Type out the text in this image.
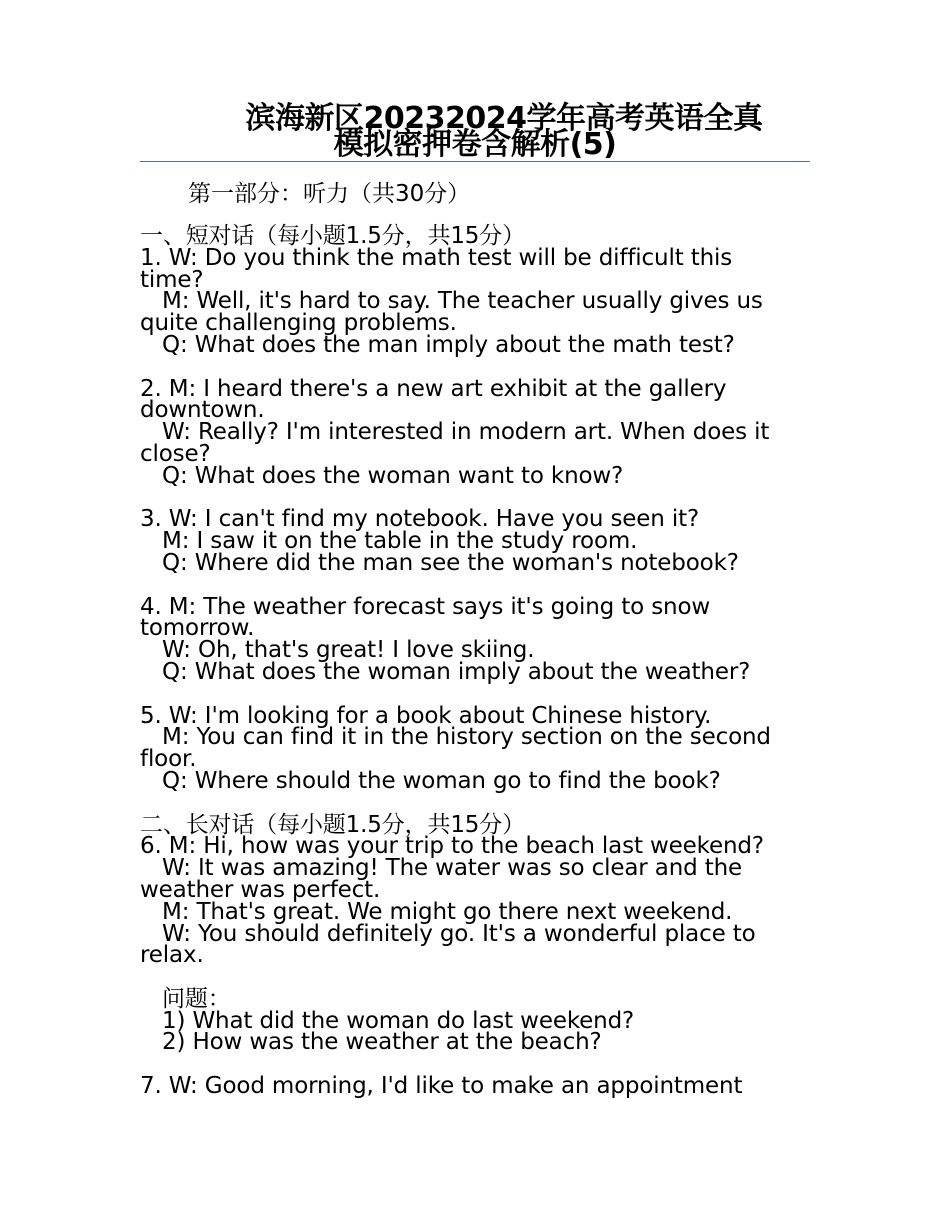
滨海新区20232024学年高考英语全真
模拟密押卷含解析(5)
第一部分：听力（共30分）
一、短对话（每小题1.5分，共15分）
1. W: Do you think the math test will be difficult this
time?
M: Well, it's hard to say. The teacher usually gives us
quite challenging problems.
Q: What does the man imply about the math test?
2. M: I heard there's a new art exhibit at the gallery
downtown.
W: Really? I'm interested in modern art. When does it
close?
Q: What does the woman want to know?
3. W: I can't find my notebook. Have you seen it?
M: I saw it on the table in the study room.
Q: Where did the man see the woman's notebook?
4. M: The weather forecast says it's going to snow
tomorrow.
W: Oh, that's great! I love skiing.
Q: What does the woman imply about the weather?
5. W: I'm looking for a book about Chinese history.
M: You can find it in the history section on the second
floor.
Q: Where should the woman go to find the book?
二、长对话（每小题1.5分，共15分）
6. M: Hi, how was your trip to the beach last weekend?
W: It was amazing! The water was so clear and the
weather was perfect.
M: That's great. We might go there next weekend.
W: You should definitely go. It's a wonderful place to
relax.
问题：
1) What did the woman do last weekend?
2) How was the weather at the beach?
7. W: Good morning, I'd like to make an appointment
